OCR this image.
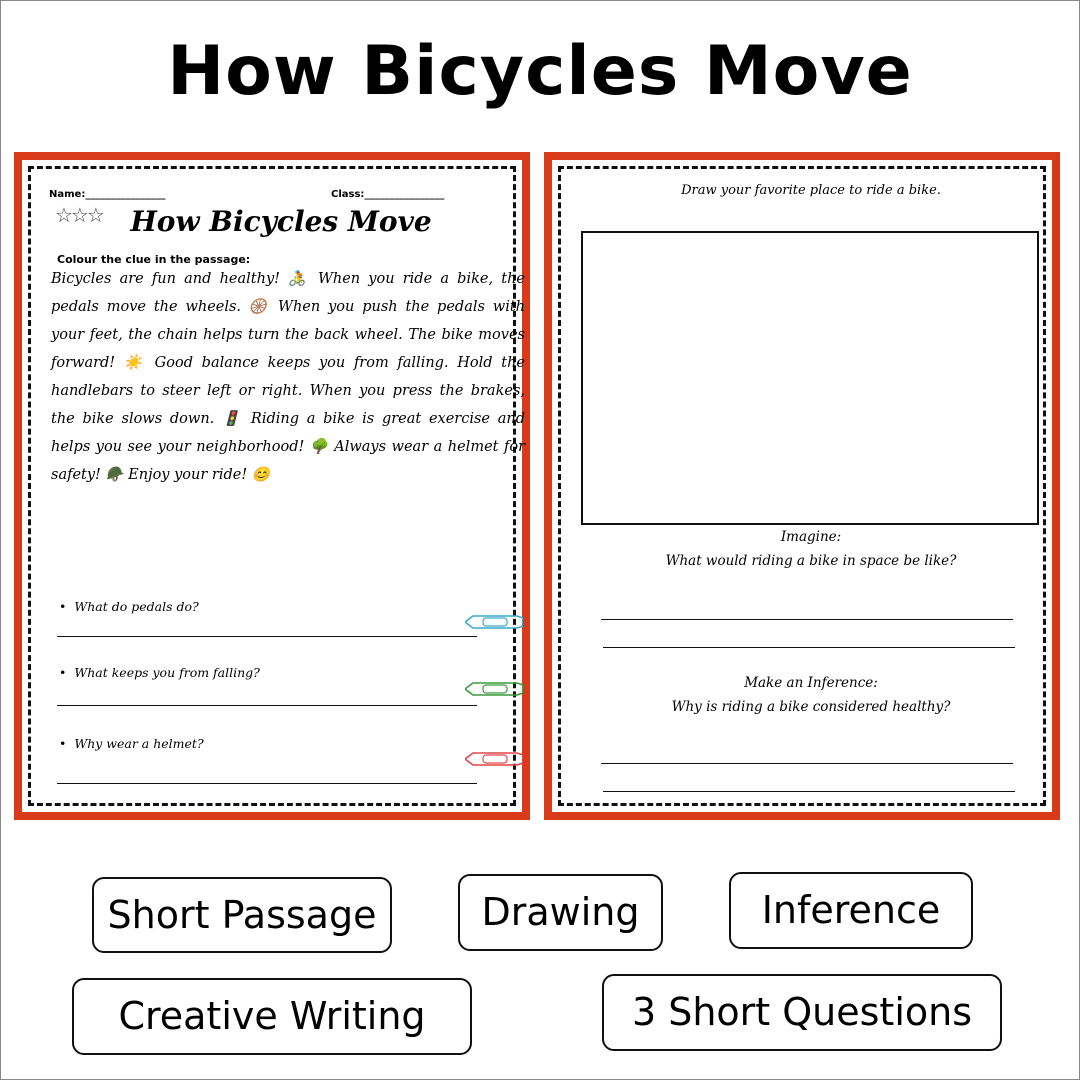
How Bicycles Move
Name:________________	Class:________________
☆☆☆ How Bicycles Move
Colour the clue in the passage:
Bicycles are fun and healthy! 🚴 When you ride a bike, the pedals move the wheels. 🛞 When you push the pedals with your feet, the chain helps turn the back wheel. The bike moves forward! ☀️ Good balance keeps you from falling. Hold the handlebars to steer left or right. When you press the brakes, the bike slows down. 🚦 Riding a bike is great exercise and helps you see your neighborhood! 🌳 Always wear a helmet for safety! 🪖 Enjoy your ride! 😊
• What do pedals do?
• What keeps you from falling?
• Why wear a helmet?
Draw your favorite place to ride a bike.
Imagine:
What would riding a bike in space be like?
Make an Inference:
Why is riding a bike considered healthy?
Short Passage	Drawing	Inference
Creative Writing	3 Short Questions
